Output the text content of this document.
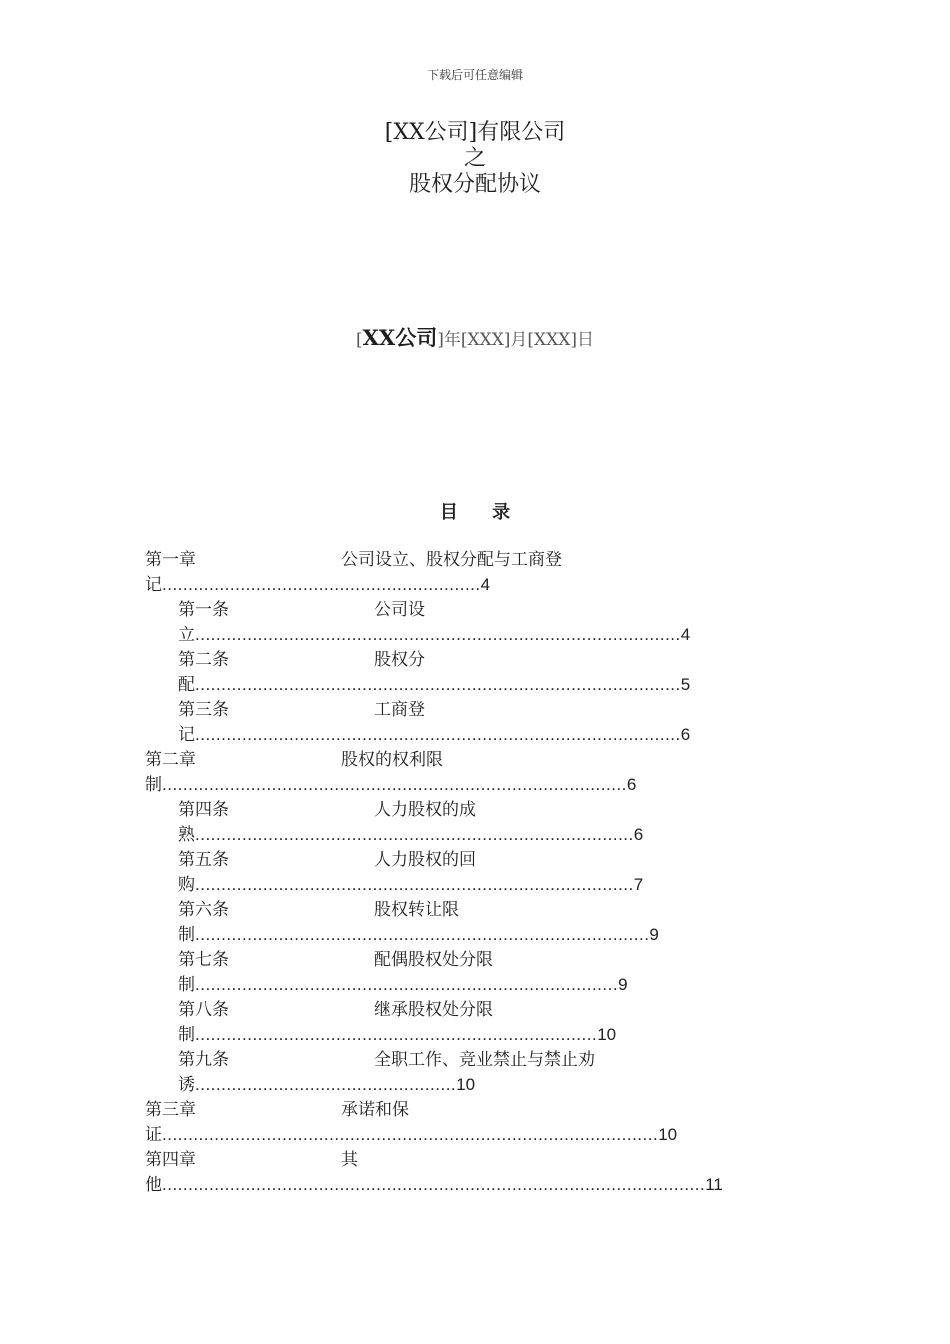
下载后可任意编辑
[XX公司]有限公司
之
股权分配协议
[XX公司]年[XXX]月[XXX]日
目 录
第一章	公司设立、股权分配与工商登
记.............................................................4
第一条	公司设
立.............................................................................................4
第二条	股权分
配.............................................................................................5
第三条	工商登
记.............................................................................................6
第二章	股权的权利限
制.........................................................................................6
第四条	人力股权的成
熟....................................................................................6
第五条	人力股权的回
购....................................................................................7
第六条	股权转让限
制.......................................................................................9
第七条	配偶股权处分限
制.................................................................................9
第八条	继承股权处分限
制.............................................................................10
第九条	全职工作、竞业禁止与禁止劝
诱..................................................10
第三章	承诺和保
证...............................................................................................10
第四章	其
他........................................................................................................11
